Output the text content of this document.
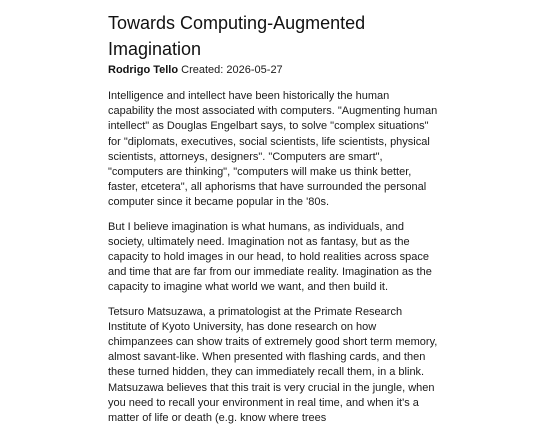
Towards Computing-Augmented Imagination
Rodrigo Tello Created: 2026-05-27

Intelligence and intellect have been historically the human capability the most associated with computers. "Augmenting human intellect" as Douglas Engelbart says, to solve "complex situations" for "diplomats, executives, social scientists, life scientists, physical scientists, attorneys, designers". "Computers are smart", "computers are thinking", "computers will make us think better, faster, etcetera", all aphorisms that have surrounded the personal computer since it became popular in the '80s.

But I believe imagination is what humans, as individuals, and society, ultimately need. Imagination not as fantasy, but as the capacity to hold images in our head, to hold realities across space and time that are far from our immediate reality. Imagination as the capacity to imagine what world we want, and then build it.

Tetsuro Matsuzawa, a primatologist at the Primate Research Institute of Kyoto University, has done research on how chimpanzees can show traits of extremely good short term memory, almost savant-like. When presented with flashing cards, and then these turned hidden, they can immediately recall them, in a blink. Matsuzawa believes that this trait is very crucial in the jungle, when you need to recall your environment in real time, and when it's a matter of life or death (e.g. know where trees
